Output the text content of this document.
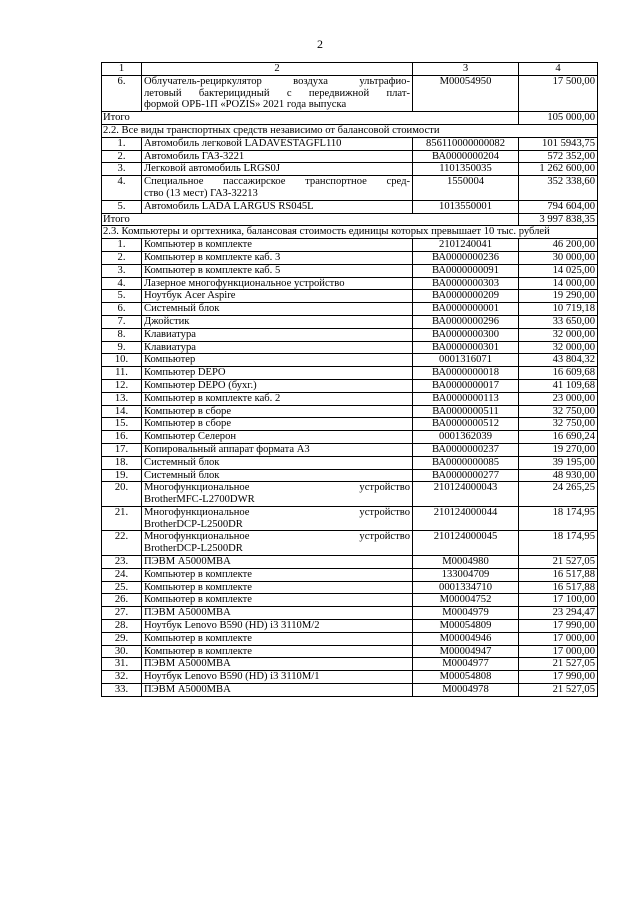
2
1	2	3	4
6.	Облучатель-рециркулятор воздуха ультрафио-
летовый бактерицидный с передвижной плат-

формой ОРБ-1П «POZIS» 2021 года выпуска	M00054950	17 500,00
Итого			105 000,00
2.2. Все виды транспортных средств независимо от балансовой стоимости			
1.	Автомобиль легковой LADAVESTAGFL110	856110000000082	101 5943,75
2.	Автомобиль ГАЗ-3221	ВА0000000204	572 352,00
3.	Легковой автомобиль LRGS0J	1101350035	1 262 600,00
4.	Специальное пассажирское транспортное сред-

ство (13 мест) ГАЗ-32213	1550004	352 338,60
5.	Автомобиль LADA LARGUS RS045L	1013550001	794 604,00
Итого			3 997 838,35
2.3. Компьютеры и оргтехника, балансовая стоимость единицы которых превышает 10 тыс. рублей			
1.	Компьютер в комплекте	2101240041	46 200,00
2.	Компьютер в комплекте каб. 3	ВА0000000236	30 000,00
3.	Компьютер в комплекте каб. 5	ВА0000000091	14 025,00
4.	Лазерное многофункциональное устройство	ВА0000000303	14 000,00
5.	Ноутбук Acer Aspire	ВА0000000209	19 290,00
6.	Системный блок	ВА0000000001	10 719,18
7.	Джойстик	ВА0000000296	33 650,00
8.	Клавиатура	ВА0000000300	32 000,00
9.	Клавиатура	ВА0000000301	32 000,00
10.	Компьютер	0001316071	43 804,32
11.	Компьютер DEPO	ВА0000000018	16 609,68
12.	Компьютер DEPO (бухг.)	ВА0000000017	41 109,68
13.	Компьютер в комплекте каб. 2	ВА0000000113	23 000,00
14.	Компьютер в сборе	ВА0000000511	32 750,00
15.	Компьютер в сборе	ВА0000000512	32 750,00
16.	Компьютер Селерон	0001362039	16 690,24
17.	Копировальный аппарат формата А3	ВА0000000237	19 270,00
18.	Системный блок	ВА0000000085	39 195,00
19.	Системный блок	ВА0000000277	48 930,00
20.	Многофункциональное устройство

BrotherMFC-L2700DWR	210124000043	24 265,25
21.	Многофункциональное устройство

BrotherDCP-L2500DR	210124000044	18 174,95
22.	Многофункциональное устройство

BrotherDCP-L2500DR	210124000045	18 174,95
23.	ПЭВМ A5000MBA	M0004980	21 527,05
24.	Компьютер в комплекте	133004709	16 517,88
25.	Компьютер в комплекте	0001334710	16 517,88
26.	Компьютер в комплекте	M00004752	17 100,00
27.	ПЭВМ A5000MBA	M0004979	23 294,47
28.	Ноутбук Lenovo B590 (HD) i3 3110M/2	M00054809	17 990,00
29.	Компьютер в комплекте	M00004946	17 000,00
30.	Компьютер в комплекте	M00004947	17 000,00
31.	ПЭВМ A5000MBA	M0004977	21 527,05
32.	Ноутбук Lenovo B590 (HD) i3 3110M/1	M00054808	17 990,00
33.	ПЭВМ A5000MBA	M0004978	21 527,05
